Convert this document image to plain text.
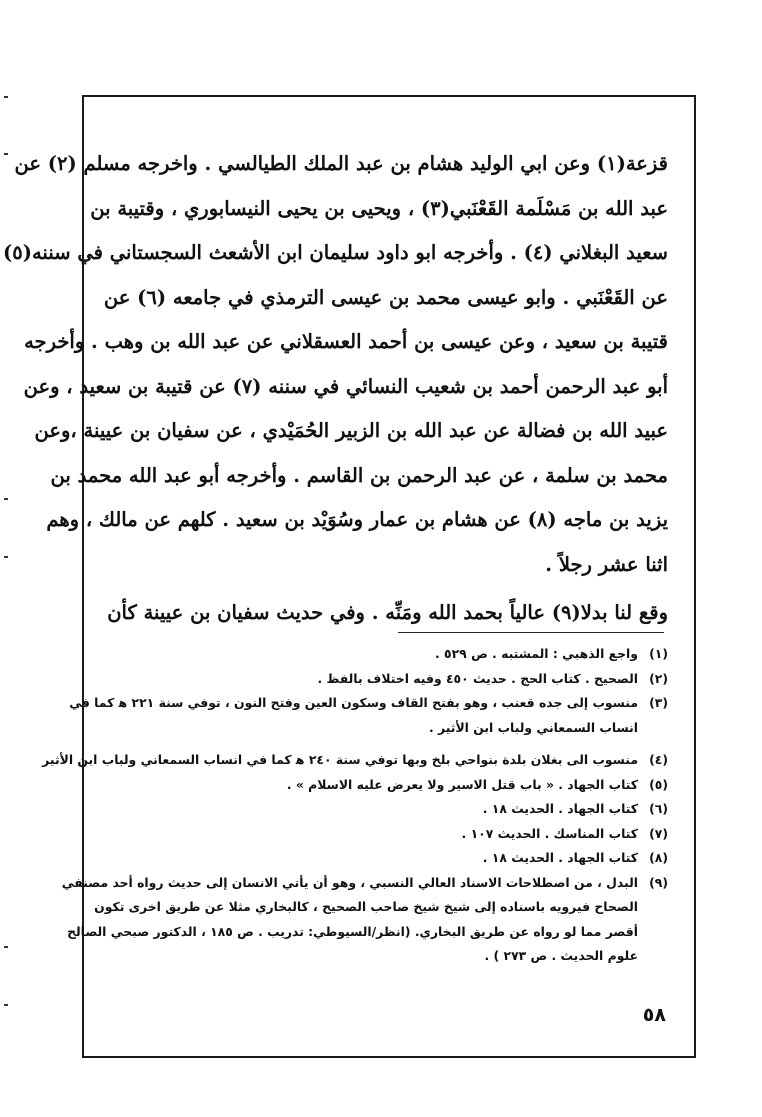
قزعة(١) وعن ابي الوليد هشام بن عبد الملك الطيالسي . واخرجه مسلم (٢) عن
عبد الله بن مَسْلَمة القَعْنَبي(٣) ، ويحيى بن يحيى النيسابوري ، وقتيبة بن
سعيد البغلاني (٤) . وأخرجه ابو داود سليمان ابن الأشعث السجستاني في سننه(٥)
عن القَعْنَبي . وابو عيسى محمد بن عيسى الترمذي في جامعه (٦) عن
قتيبة بن سعيد ، وعن عيسى بن أحمد العسقلاني عن عبد الله بن وهب . وأخرجه
أبو عبد الرحمن أحمد بن شعيب النسائي في سننه (٧) عن قتيبة بن سعيد ، وعن
عبيد الله بن فضالة عن عبد الله بن الزبير الحُمَيْدي ، عن سفيان بن عيينة ،وعن
محمد بن سلمة ، عن عبد الرحمن بن القاسم . وأخرجه أبو عبد الله محمد بن
يزيد بن ماجه (٨) عن هشام بن عمار وسُوَيْد بن سعيد . كلهم عن مالك ، وهم
اثنا عشر رجلاً .
وقع لنا بدلا(٩) عالياً بحمد الله ومَنِّه . وفي حديث سفيان بن عيينة كأن
(١)
واجع الذهبي : المشتبه . ص ٥٢٩ .
(٢)
الصحيح . كتاب الحج . حديث ٤٥٠ وفيه اختلاف بالفظ .
(٣)
منسوب إلى جده قعنب ، وهو بفتح القاف وسكون العين وفتح النون ، توفي سنة ٢٢١ ﻫ كما في
انساب السمعاني ولباب ابن الأثير .
(٤)
منسوب الى بغلان بلدة بنواحي بلخ وبها توفي سنة ٢٤٠ ﻫ كما في انساب السمعاني ولباب ابن الأثير
(٥)
كتاب الجهاد . « باب قتل الاسير ولا يعرض عليه الاسلام » .
(٦)
كتاب الجهاد . الحديث ١٨ .
(٧)
كتاب المناسك . الحديث ١٠٧ .
(٨)
كتاب الجهاد . الحديث ١٨ .
(٩)
البدل ، من اصطلاحات الاسناد العالي النسبي ، وهو أن يأتي الانسان إلى حديث رواه أحد مصنفي
الصحاح فيرويه باسناده إلى شيخ شيخ صاحب الصحيح ، كالبخاري مثلا عن طريق اخرى تكون
أقصر مما لو رواه عن طريق البخاري. (انظر/السيوطي: تدريب . ص ١٨٥ ، الدكتور صبحي الصالح
علوم الحديث . ص ٢٧٣ ) .
٥٨
